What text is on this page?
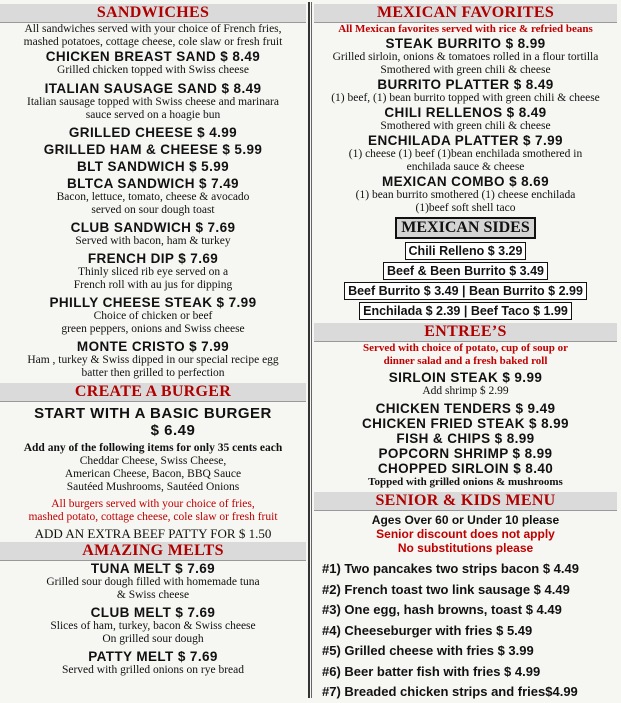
SANDWICHES
All sandwiches served with your choice of French fries,
mashed potatoes, cottage cheese, cole slaw or fresh fruit
CHICKEN BREAST SAND $ 8.49
Grilled chicken topped with Swiss cheese
ITALIAN SAUSAGE SAND $ 8.49
Italian sausage topped with Swiss cheese and marinara
sauce served on a hoagie bun
GRILLED CHEESE $ 4.99
GRILLED HAM & CHEESE $ 5.99
BLT SANDWICH $ 5.99
BLTCA SANDWICH $ 7.49
Bacon, lettuce, tomato, cheese & avocado
served on sour dough toast
CLUB SANDWICH $ 7.69
Served with bacon, ham & turkey
FRENCH DIP $ 7.69
Thinly sliced rib eye served on a
French roll with au jus for dipping
PHILLY CHEESE STEAK $ 7.99
Choice of chicken or beef
green peppers, onions and Swiss cheese
MONTE CRISTO $ 7.99
Ham , turkey & Swiss dipped in our special recipe egg
batter then grilled to perfection
CREATE A BURGER
START WITH A BASIC BURGER
$ 6.49
Add any of the following items for only 35 cents each
Cheddar Cheese, Swiss Cheese,
American Cheese, Bacon, BBQ Sauce
Sautéed Mushrooms, Sautéed Onions
All burgers served with your choice of fries,
mashed potato, cottage cheese, cole slaw or fresh fruit
ADD AN EXTRA BEEF PATTY FOR $ 1.50
AMAZING MELTS
TUNA MELT $ 7.69
Grilled sour dough filled with homemade tuna
& Swiss cheese
CLUB MELT $ 7.69
Slices of ham, turkey, bacon & Swiss cheese
On grilled sour dough
PATTY MELT $ 7.69
Served with grilled onions on rye bread
MEXICAN FAVORITES
All Mexican favorites served with rice & refried beans
STEAK BURRITO $ 8.99
Grilled sirloin, onions & tomatoes rolled in a flour tortilla
Smothered with green chili & cheese
BURRITO PLATTER $ 8.49
(1) beef, (1) bean burrito topped with green chili & cheese
CHILI RELLENOS $ 8.49
Smothered with green chili & cheese
ENCHILADA PLATTER $ 7.99
(1) cheese (1) beef (1)bean enchilada smothered in
enchilada sauce & cheese
MEXICAN COMBO $ 8.69
(1) bean burrito smothered (1) cheese enchilada
(1)beef soft shell taco
MEXICAN SIDES
Chili Relleno $ 3.29
Beef & Been Burrito $ 3.49
Beef Burrito $ 3.49 | Bean Burrito $ 2.99
Enchilada $ 2.39 | Beef Taco $ 1.99
ENTREE’S
Served with choice of potato, cup of soup or
dinner salad and a fresh baked roll
SIRLOIN STEAK $ 9.99
Add shrimp $ 2.99
CHICKEN TENDERS $ 9.49
CHICKEN FRIED STEAK $ 8.99
FISH & CHIPS $ 8.99
POPCORN SHRIMP $ 8.99
CHOPPED SIRLOIN $ 8.40
Topped with grilled onions & mushrooms
SENIOR & KIDS MENU
Ages Over 60 or Under 10 please
Senior discount does not apply
No substitutions please
#1) Two pancakes two strips bacon $ 4.49
#2) French toast two link sausage $ 4.49
#3) One egg, hash browns, toast $ 4.49
#4) Cheeseburger with fries $ 5.49
#5) Grilled cheese with fries $ 3.99
#6) Beer batter fish with fries $ 4.99
#7) Breaded chicken strips and fries$4.99
